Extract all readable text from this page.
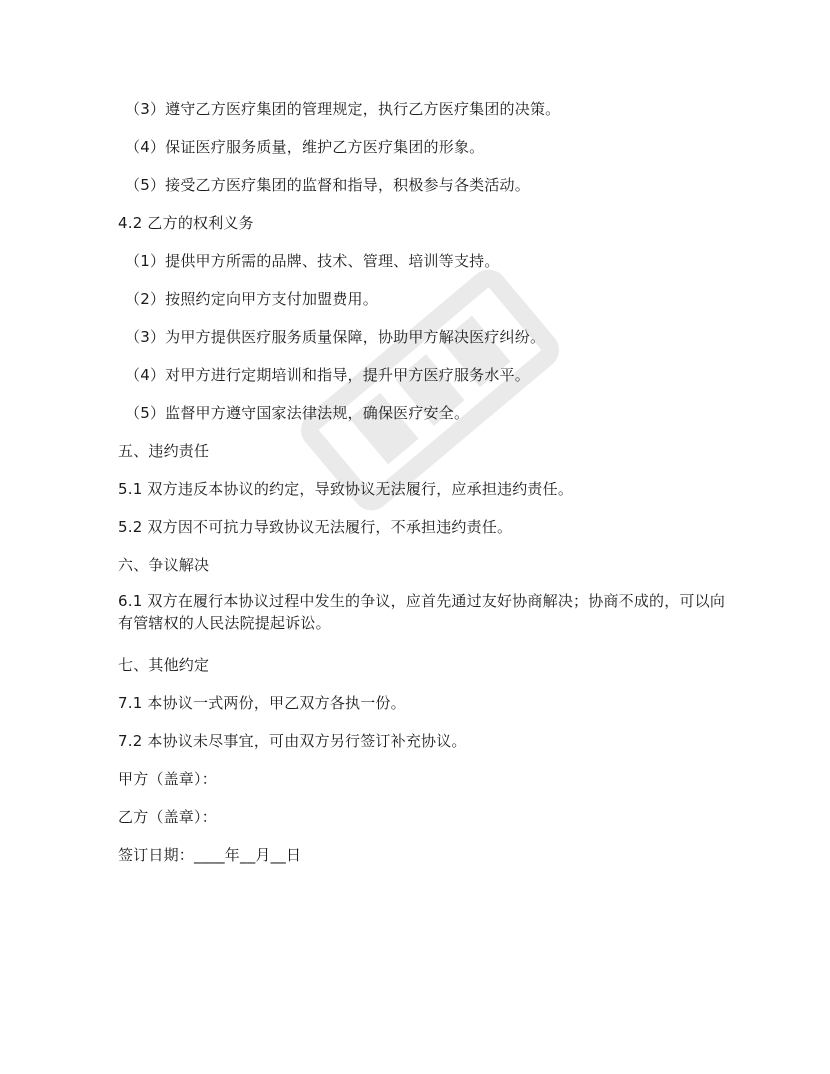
（3）遵守乙方医疗集团的管理规定，执行乙方医疗集团的决策。
（4）保证医疗服务质量，维护乙方医疗集团的形象。
（5）接受乙方医疗集团的监督和指导，积极参与各类活动。
4.2 乙方的权利义务
（1）提供甲方所需的品牌、技术、管理、培训等支持。
（2）按照约定向甲方支付加盟费用。
（3）为甲方提供医疗服务质量保障，协助甲方解决医疗纠纷。
（4）对甲方进行定期培训和指导，提升甲方医疗服务水平。
（5）监督甲方遵守国家法律法规，确保医疗安全。
五、违约责任
5.1 双方违反本协议的约定，导致协议无法履行，应承担违约责任。
5.2 双方因不可抗力导致协议无法履行，不承担违约责任。
六、争议解决
6.1 双方在履行本协议过程中发生的争议，应首先通过友好协商解决；协商不成的，可以向有管辖权的人民法院提起诉讼。
七、其他约定
7.1 本协议一式两份，甲乙双方各执一份。
7.2 本协议未尽事宜，可由双方另行签订补充协议。
甲方（盖章）：
乙方（盖章）：
签订日期：____年__月__日
